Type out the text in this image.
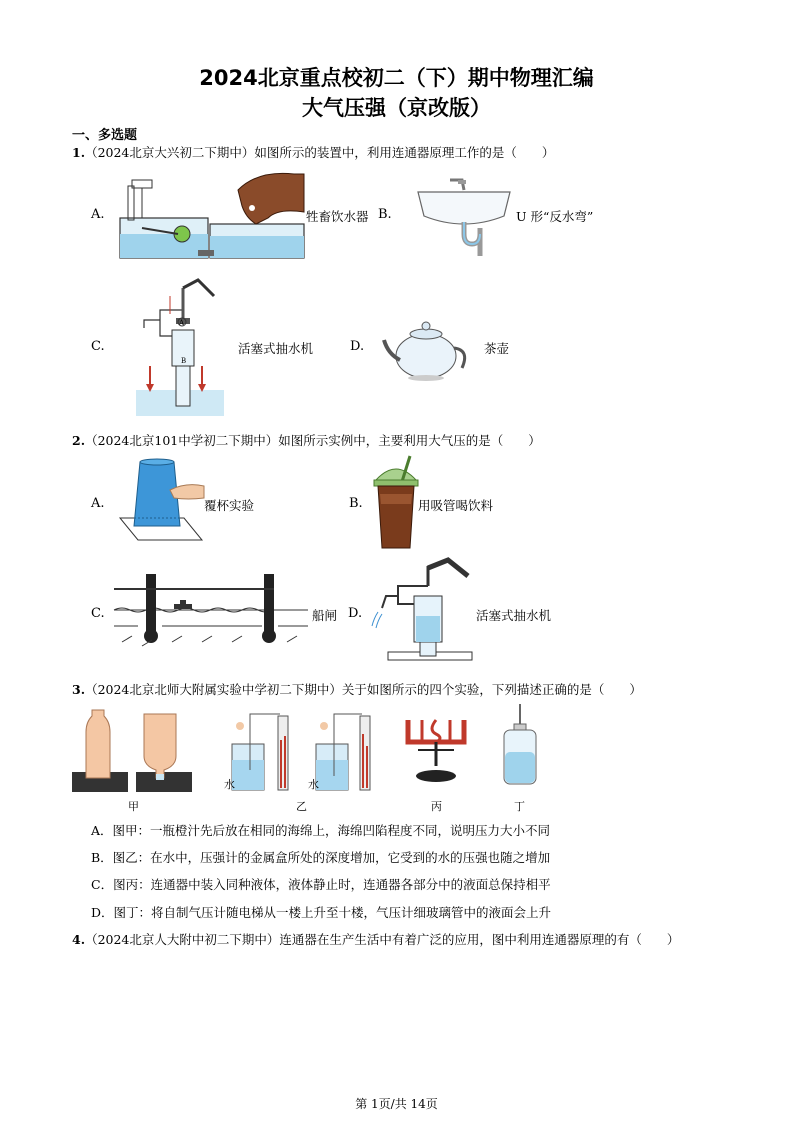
2024北京重点校初二（下）期中物理汇编
大气压强（京改版）
一、多选题
1.（2024北京大兴初二下期中）如图所示的装置中，利用连通器原理工作的是（　　）
A.	牲畜饮水器 B.	U 形“反水弯”
C.
A
B
活塞式抽水机	D.	茶壶
2.（2024北京101中学初二下期中）如图所示实例中，主要利用大气压的是（　　）
A.	覆杯实验	B.	用吸管喝饮料
C.	船闸 D.	活塞式抽水机
3.（2024北京北师大附属实验中学初二下期中）关于如图所示的四个实验，下列描述正确的是（　　）
甲
水	水
乙	丙	丁
A．图甲：一瓶橙汁先后放在相同的海绵上，海绵凹陷程度不同，说明压力大小不同
B．图乙：在水中，压强计的金属盒所处的深度增加，它受到的水的压强也随之增加
C．图丙：连通器中装入同种液体，液体静止时，连通器各部分中的液面总保持相平
D．图丁：将自制气压计随电梯从一楼上升至十楼，气压计细玻璃管中的液面会上升
4.（2024北京人大附中初二下期中）连通器在生产生活中有着广泛的应用，图中利用连通器原理的有（　　）
第 1页/共 14页
